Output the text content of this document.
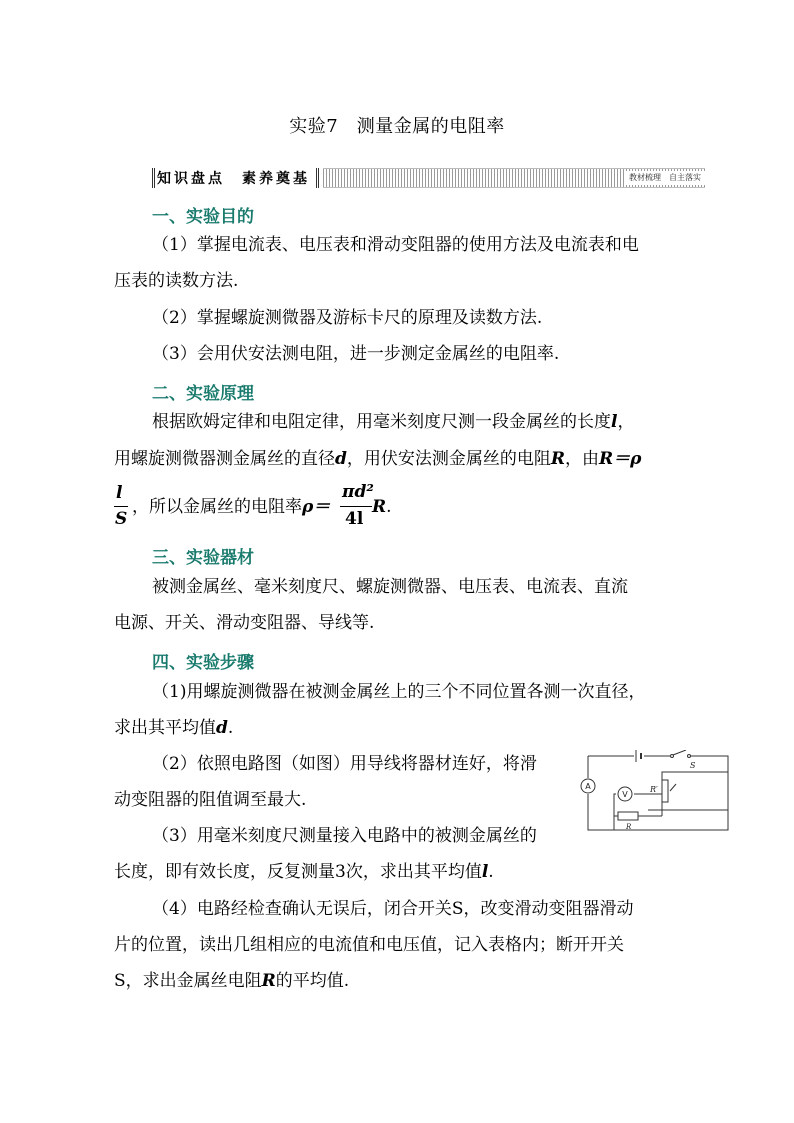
实验7　测量金属的电阻率
知识盘点　素养奠基	教材梳理　自主落实
一、实验目的
（1）掌握电流表、电压表和滑动变阻器的使用方法及电流表和电
压表的读数方法.
（2）掌握螺旋测微器及游标卡尺的原理及读数方法.
（3）会用伏安法测电阻，进一步测定金属丝的电阻率.
二、实验原理
根据欧姆定律和电阻定律，用毫米刻度尺测一段金属丝的长度l，
用螺旋测微器测金属丝的直径d，用伏安法测金属丝的电阻R，由R＝ρ
l
S
，所以金属丝的电阻率ρ＝
πd²
4l
R.
三、实验器材
被测金属丝、毫米刻度尺、螺旋测微器、电压表、电流表、直流
电源、开关、滑动变阻器、导线等.
四、实验步骤
（1)用螺旋测微器在被测金属丝上的三个不同位置各测一次直径，
求出其平均值d.
（2）依照电路图（如图）用导线将器材连好，将滑
动变阻器的阻值调至最大.
（3）用毫米刻度尺测量接入电路中的被测金属丝的
长度，即有效长度，反复测量3次，求出其平均值l.
（4）电路经检查确认无误后，闭合开关S，改变滑动变阻器滑动
片的位置，读出几组相应的电流值和电压值，记入表格内；断开开关
S，求出金属丝电阻R的平均值.
A
V
S
R′
R
